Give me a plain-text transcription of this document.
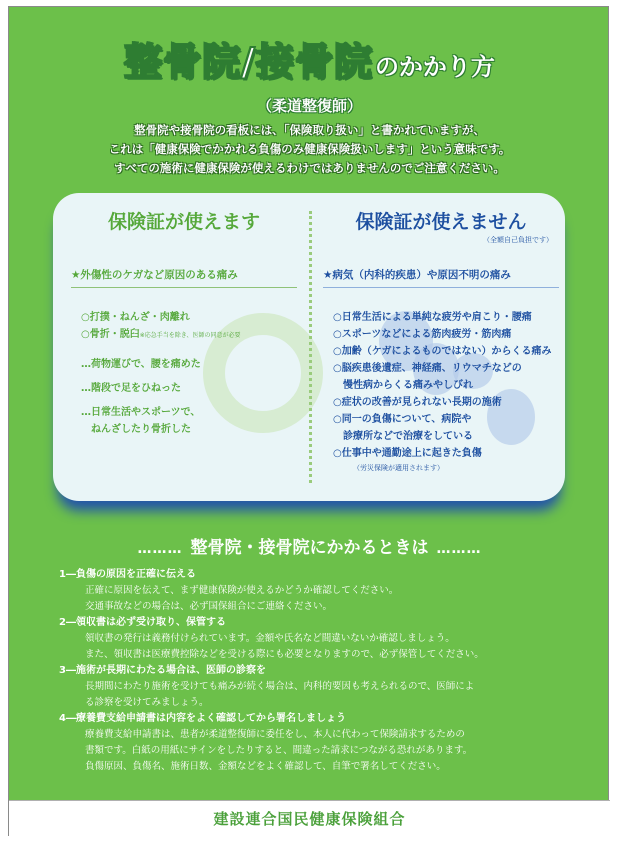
整骨院/接骨院のかかり方
（柔道整復師）
整骨院や接骨院の看板には、「保険取り扱い」と書かれていますが、
これは「健康保険でかかれる負傷のみ健康保険扱いします」という意味です。
すべての施術に健康保険が使えるわけではありませんのでご注意ください。
保険証が使えます
★外傷性のケガなど原因のある痛み
○打撲・ねんざ・肉離れ
○骨折・脱臼※応急手当を除き、医師の同意が必要
…荷物運びで、腰を痛めた
…階段で足をひねった
…日常生活やスポーツで、
　ねんざしたり骨折した
保険証が使えません
（全額自己負担です）
★病気（内科的疾患）や原因不明の痛み
○日常生活による単純な疲労や肩こり・腰痛
○スポーツなどによる筋肉疲労・筋肉痛
○加齢（ケガによるものではない）からくる痛み
○脳疾患後遺症、神経痛、リウマチなどの
　慢性病からくる痛みやしびれ
○症状の改善が見られない長期の施術
○同一の負傷について、病院や
　診療所などで治療をしている
○仕事中や通勤途上に起きた負傷
（労災保険が適用されます）
……… 整骨院・接骨院にかかるときは ………
1―負傷の原因を正確に伝える
正確に原因を伝えて、まず健康保険が使えるかどうか確認してください。
交通事故などの場合は、必ず国保組合にご連絡ください。
2―領収書は必ず受け取り、保管する
領収書の発行は義務付けられています。金額や氏名など間違いないか確認しましょう。
また、領収書は医療費控除などを受ける際にも必要となりますので、必ず保管してください。
3―施術が長期にわたる場合は、医師の診察を
長期間にわたり施術を受けても痛みが続く場合は、内科的要因も考えられるので、医師によ
る診察を受けてみましょう。
4―療養費支給申請書は内容をよく確認してから署名しましょう
療養費支給申請書は、患者が柔道整復師に委任をし、本人に代わって保険請求するための
書類です。白紙の用紙にサインをしたりすると、間違った請求につながる恐れがあります。
負傷原因、負傷名、施術日数、金額などをよく確認して、自筆で署名してください。
建設連合国民健康保険組合
